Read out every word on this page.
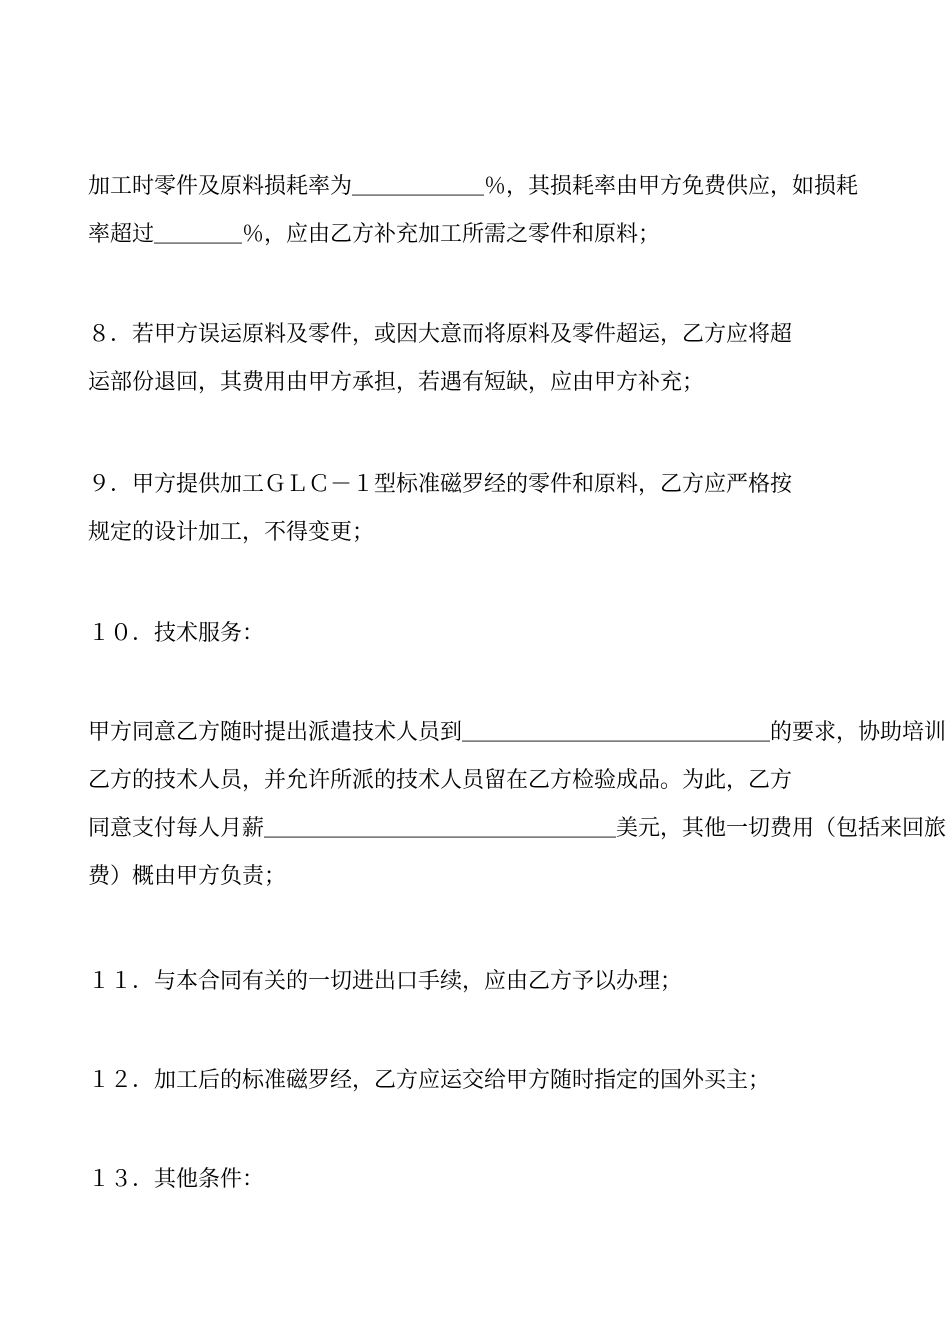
加工时零件及原料损耗率为＿＿＿＿＿＿％，其损耗率由甲方免费供应，如损耗
率超过＿＿＿＿％，应由乙方补充加工所需之零件和原料；
８．若甲方误运原料及零件，或因大意而将原料及零件超运，乙方应将超
运部份退回，其费用由甲方承担，若遇有短缺，应由甲方补充；
９．甲方提供加工ＧＬＣ－１型标准磁罗经的零件和原料，乙方应严格按
规定的设计加工，不得变更；
１０．技术服务：
甲方同意乙方随时提出派遣技术人员到＿＿＿＿＿＿＿＿＿＿＿＿＿＿的要求，协助培训
乙方的技术人员，并允许所派的技术人员留在乙方检验成品。为此，乙方
同意支付每人月薪＿＿＿＿＿＿＿＿＿＿＿＿＿＿＿＿美元，其他一切费用（包括来回旅
费）概由甲方负责；
１１．与本合同有关的一切进出口手续，应由乙方予以办理；
１２．加工后的标准磁罗经，乙方应运交给甲方随时指定的国外买主；
１３．其他条件：
